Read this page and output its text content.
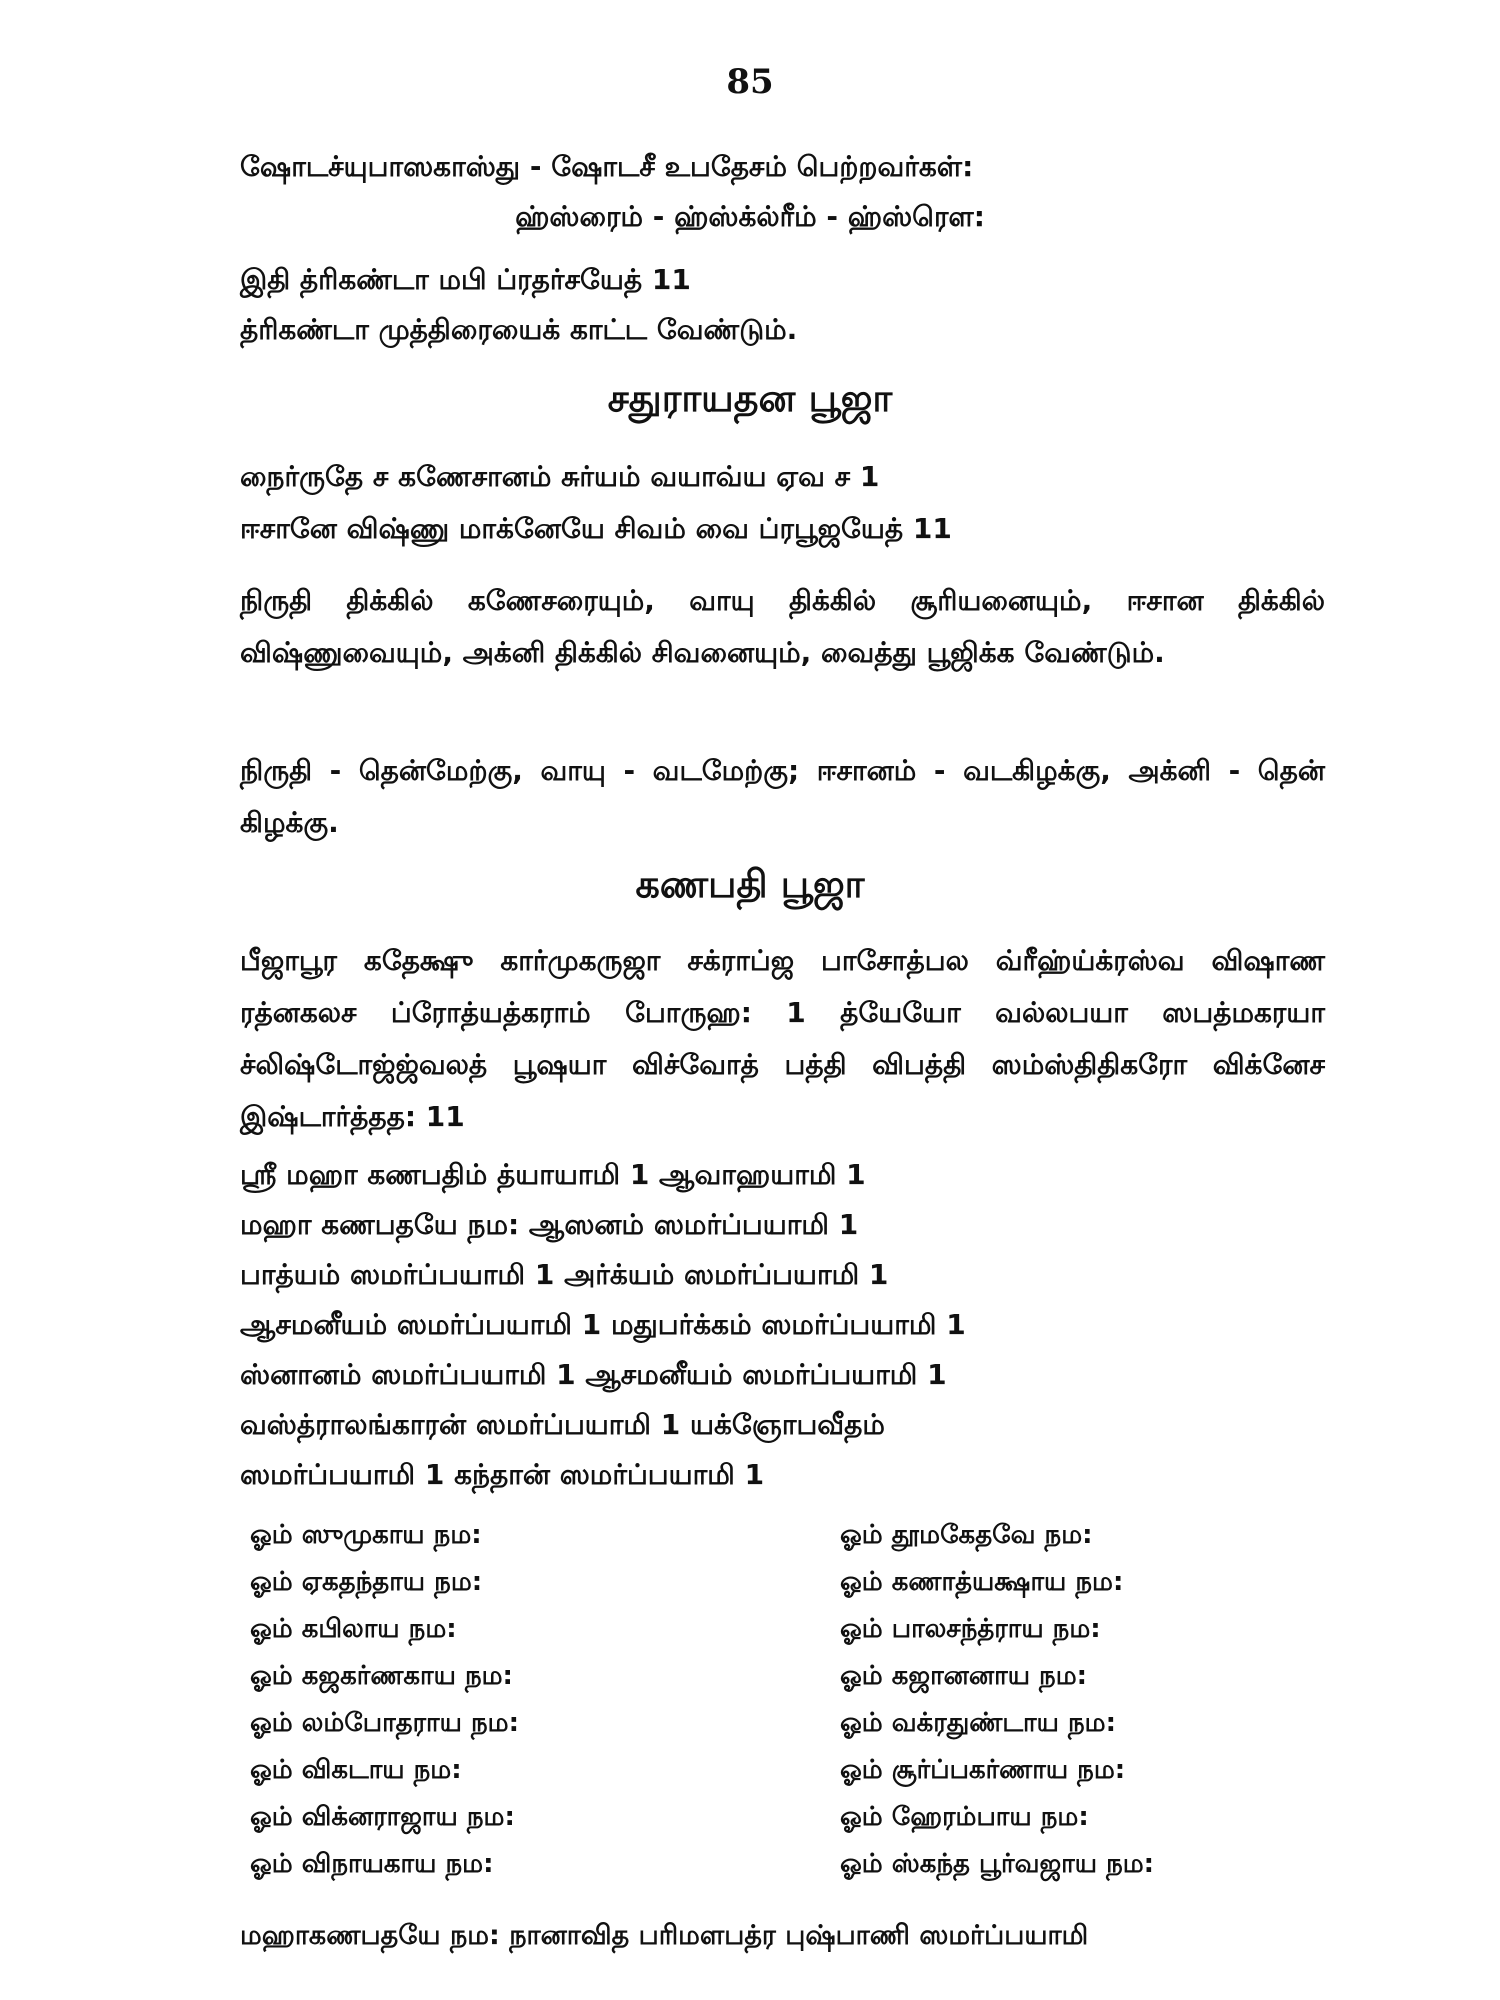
85
ஷோடச்யுபாஸகாஸ்து - ஷோடசீ உபதேசம் பெற்றவர்கள்:
ஹ்ஸ்ரைம் - ஹ்ஸ்க்ல்ரீம் - ஹ்ஸ்ரௌ:
இதி த்ரிகண்டா மபி ப்ரதர்சயேத் 11
த்ரிகண்டா முத்திரையைக் காட்ட வேண்டும்.
சதுராயதன பூஜா
நைர்ருதே ச கணேசானம் சுர்யம் வயாவ்ய ஏவ ச 1
ஈசானே விஷ்ணு மாக்னேயே சிவம் வை ப்ரபூஜயேத் 11
நிருதி திக்கில் கணேசரையும், வாயு திக்கில் சூரியனையும், ஈசான திக்கில் விஷ்ணுவையும், அக்னி திக்கில் சிவனையும், வைத்து பூஜிக்க வேண்டும்.
நிருதி - தென்மேற்கு, வாயு - வடமேற்கு; ஈசானம் - வடகிழக்கு, அக்னி - தென் கிழக்கு.
கணபதி பூஜா
பீஜாபூர கதேக்ஷு கார்முகருஜா சக்ராப்ஜ பாசோத்பல வ்ரீஹ்ய்க்ரஸ்வ விஷாண ரத்னகலச ப்ரோத்யத்கராம் போருஹ: 1 த்யேயோ வல்லபயா ஸபத்மகரயா ச்லிஷ்டோஜ்ஜ்வலத் பூஷயா விச்வோத் பத்தி விபத்தி ஸம்ஸ்திதிகரோ விக்னேச இஷ்டார்த்தத: 11
ஸ்ரீ மஹா கணபதிம் த்யாயாமி 1 ஆவாஹயாமி 1
மஹா கணபதயே நம: ஆஸனம் ஸமர்ப்பயாமி 1
பாத்யம் ஸமர்ப்பயாமி 1 அர்க்யம் ஸமர்ப்பயாமி 1
ஆசமனீயம் ஸமர்ப்பயாமி 1 மதுபர்க்கம் ஸமர்ப்பயாமி 1
ஸ்னானம் ஸமர்ப்பயாமி 1 ஆசமனீயம் ஸமர்ப்பயாமி 1
வஸ்த்ராலங்காரன் ஸமர்ப்பயாமி 1 யக்ஞோபவீதம்
ஸமர்ப்பயாமி 1 கந்தான் ஸமர்ப்பயாமி 1
ஓம் ஸுமுகாய நம:	ஓம் தூமகேதவே நம:
ஓம் ஏகதந்தாய நம:	ஓம் கணாத்யக்ஷாய நம:
ஓம் கபிலாய நம:	ஓம் பாலசந்த்ராய நம:
ஓம் கஜகர்ணகாய நம:	ஓம் கஜானனாய நம:
ஓம் லம்போதராய நம:	ஓம் வக்ரதுண்டாய நம:
ஓம் விகடாய நம:	ஓம் சூர்ப்பகர்ணாய நம:
ஓம் விக்னராஜாய நம:	ஓம் ஹேரம்பாய நம:
ஓம் விநாயகாய நம:	ஓம் ஸ்கந்த பூர்வஜாய நம:
மஹாகணபதயே நம: நானாவித பரிமளபத்ர புஷ்பாணி ஸமர்ப்பயாமி
